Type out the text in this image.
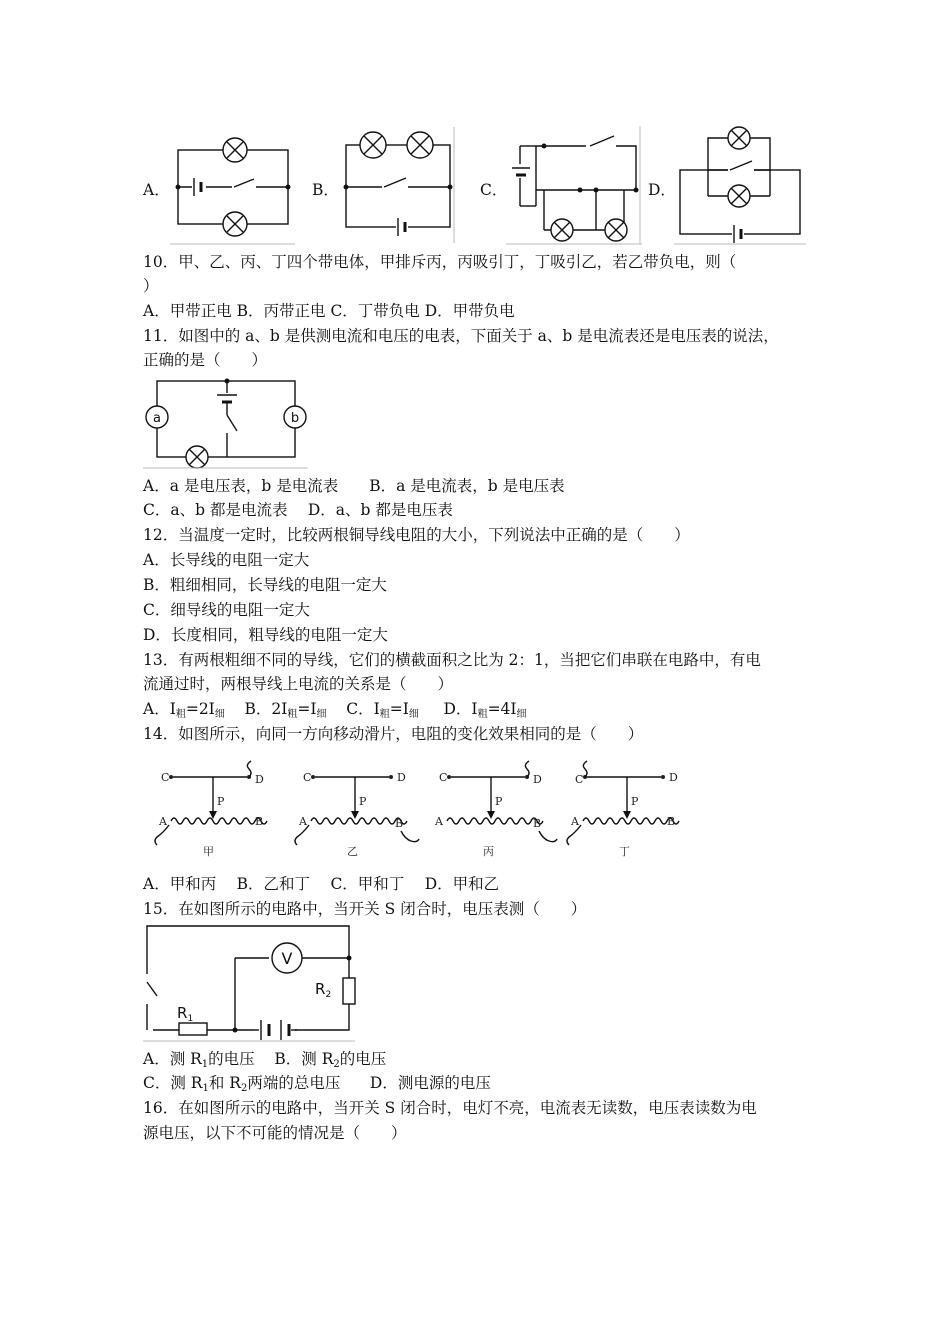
A．	B．	C．	D．
10．甲、乙、丙、丁四个带电体，甲排斥丙，丙吸引丁，丁吸引乙，若乙带负电，则（
）
A．甲带正电 B．丙带正电 C．丁带负电 D．甲带负电
11．如图中的 a、b 是供测电流和电压的电表，下面关于 a、b 是电流表还是电压表的说法，
正确的是（　　）
a	b
A．a 是电压表，b 是电流表　　B．a 是电流表，b 是电压表
C．a、b 都是电流表　 D．a、b 都是电压表
12．当温度一定时，比较两根铜导线电阻的大小，下列说法中正确的是（　　）
A．长导线的电阻一定大
B．粗细相同，长导线的电阻一定大
C．细导线的电阻一定大
D．长度相同，粗导线的电阻一定大
13．有两根粗细不同的导线，它们的横截面积之比为 2：1，当把它们串联在电路中，有电
流通过时，两根导线上电流的关系是（　　）
A．$I_粗=2I_细$ B．$2I_粗=I_细$ C．$I_粗=I_细$ D．$I_粗=4I_细$
14．如图所示，向同一方向移动滑片，电阻的变化效果相同的是（　　）
C	D
P
A	B
甲
C	D
P
A	B
乙
C	D
P
A	B
丙
C	D
P
A	B
丁
A．甲和丙　 B．乙和丁　 C．甲和丁　 D．甲和乙
15．在如图所示的电路中，当开关 S 闭合时，电压表测（　　）
$R_1$
V
$R_2$
A．测 $R_1$的电压 B．测 $R_2$的电压
C．测 $R_1$和 $R_2$两端的总电压 D．测电源的电压
16．在如图所示的电路中，当开关 S 闭合时，电灯不亮，电流表无读数，电压表读数为电
源电压，以下不可能的情况是（　　）
